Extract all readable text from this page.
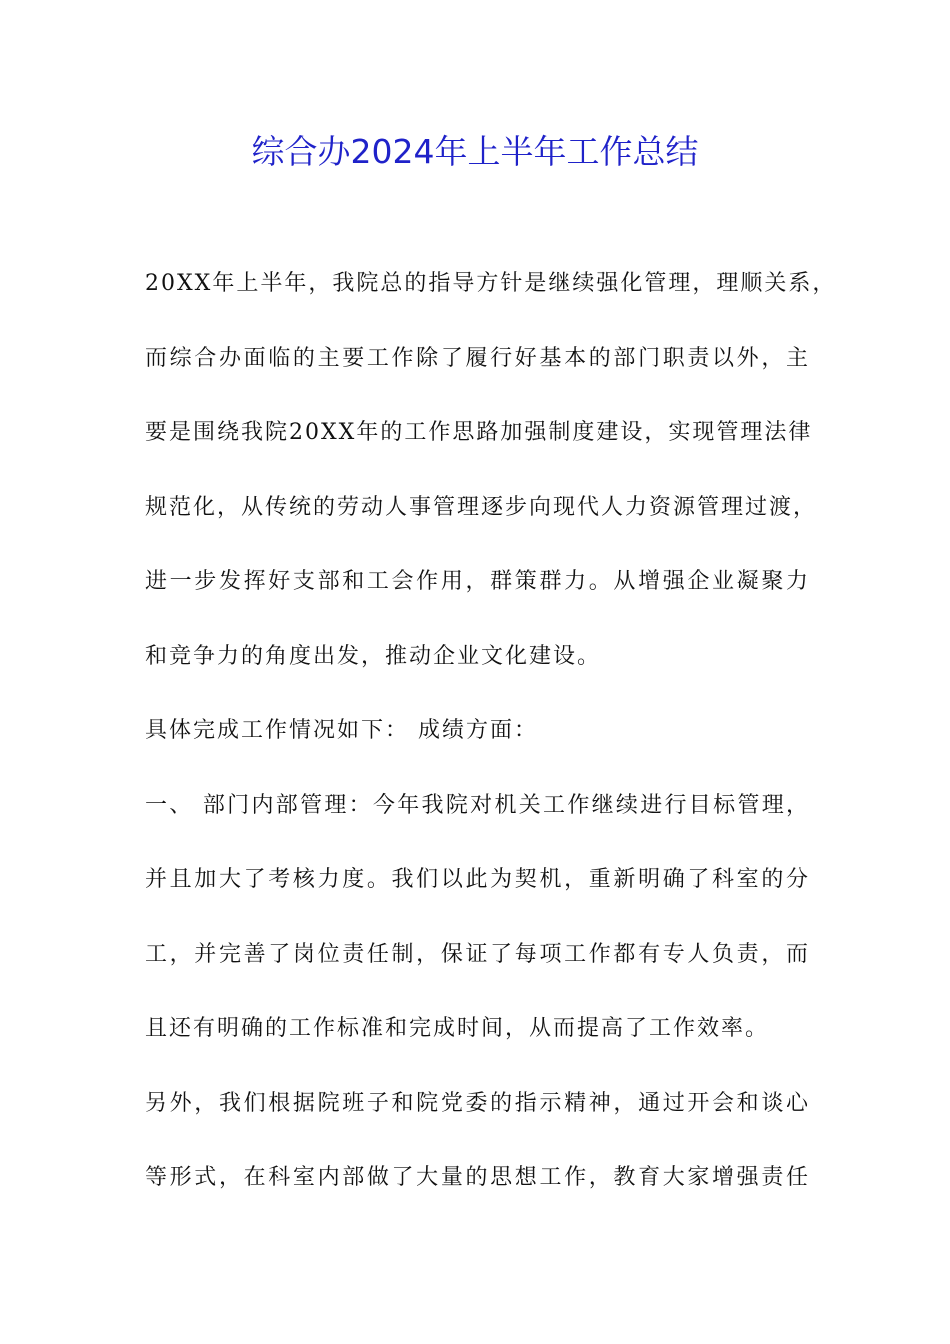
综合办2024年上半年工作总结
20XX年上半年，我院总的指导方针是继续强化管理，理顺关系，
而综合办面临的主要工作除了履行好基本的部门职责以外，主
要是围绕我院20XX年的工作思路加强制度建设，实现管理法律
规范化，从传统的劳动人事管理逐步向现代人力资源管理过渡，
进一步发挥好支部和工会作用，群策群力。从增强企业凝聚力
和竞争力的角度出发，推动企业文化建设。
具体完成工作情况如下： 成绩方面：
一、 部门内部管理：今年我院对机关工作继续进行目标管理，
并且加大了考核力度。我们以此为契机，重新明确了科室的分
工，并完善了岗位责任制，保证了每项工作都有专人负责，而
且还有明确的工作标准和完成时间，从而提高了工作效率。
另外，我们根据院班子和院党委的指示精神，通过开会和谈心
等形式，在科室内部做了大量的思想工作，教育大家增强责任
